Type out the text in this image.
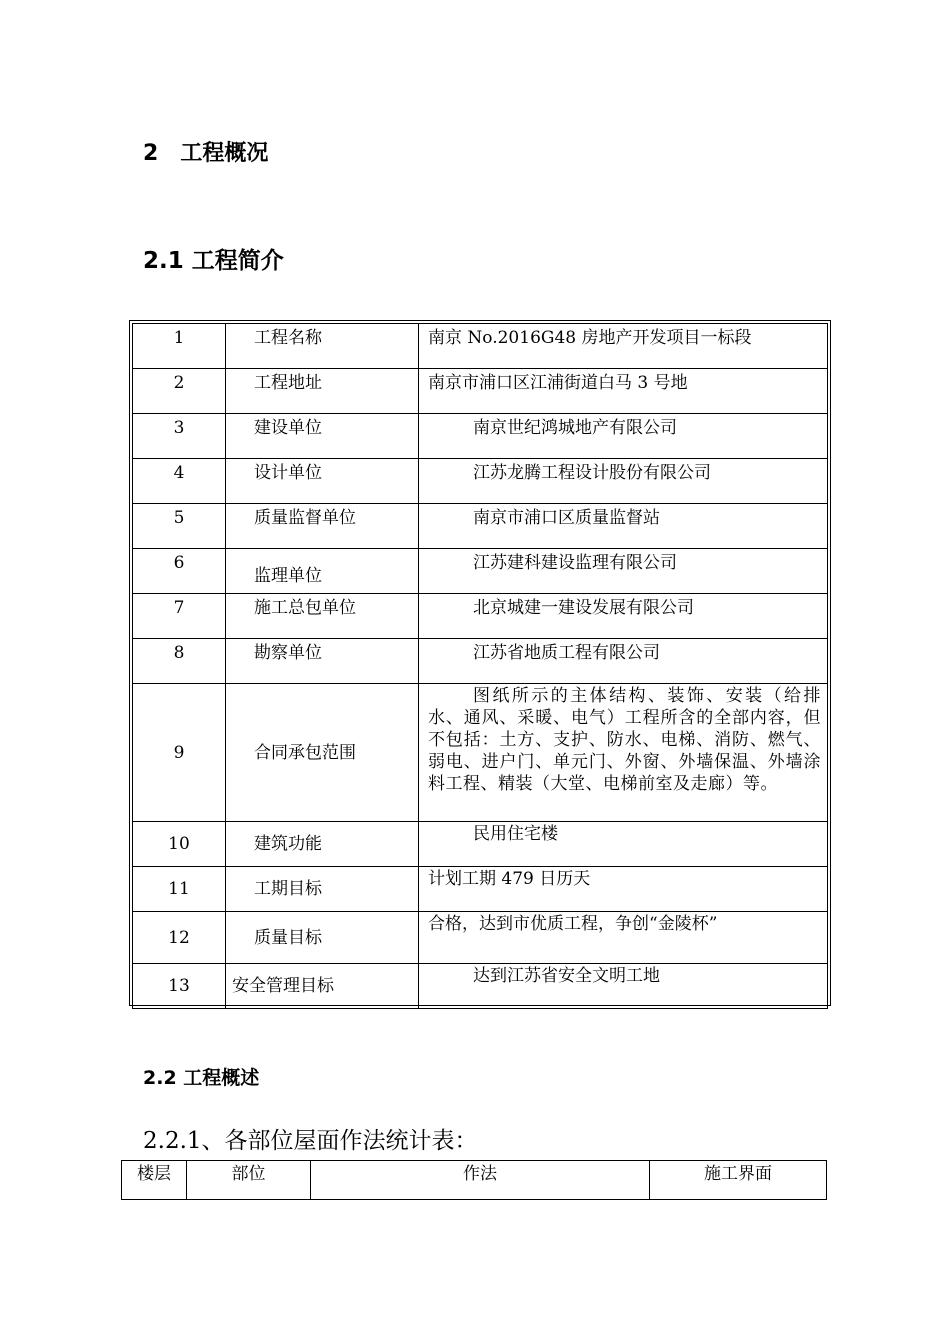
2 工程概况
2.1 工程简介
1	工程名称	南京 No.2016G48 房地产开发项目一标段
2	工程地址	南京市浦口区江浦街道白马 3 号地
3	建设单位	南京世纪鸿城地产有限公司
4	设计单位	江苏龙腾工程设计股份有限公司
5	质量监督单位	南京市浦口区质量监督站
6	监理单位	江苏建科建设监理有限公司
7	施工总包单位	北京城建一建设发展有限公司
8	勘察单位	江苏省地质工程有限公司
9	合同承包范围	图纸所示的主体结构、装饰、安装（给排水、通风、采暖、电气）工程所含的全部内容，但不包括：土方、支护、防水、电梯、消防、燃气、弱电、进户门、单元门、外窗、外墙保温、外墙涂料工程、精装（大堂、电梯前室及走廊）等。

10	建筑功能	民用住宅楼
11	工期目标	计划工期 479 日历天
12	质量目标	合格，达到市优质工程，争创“金陵杯”
13	安全管理目标	达到江苏省安全文明工地
2.2 工程概述
2.2.1、各部位屋面作法统计表：
楼层	部位	作法	施工界面
